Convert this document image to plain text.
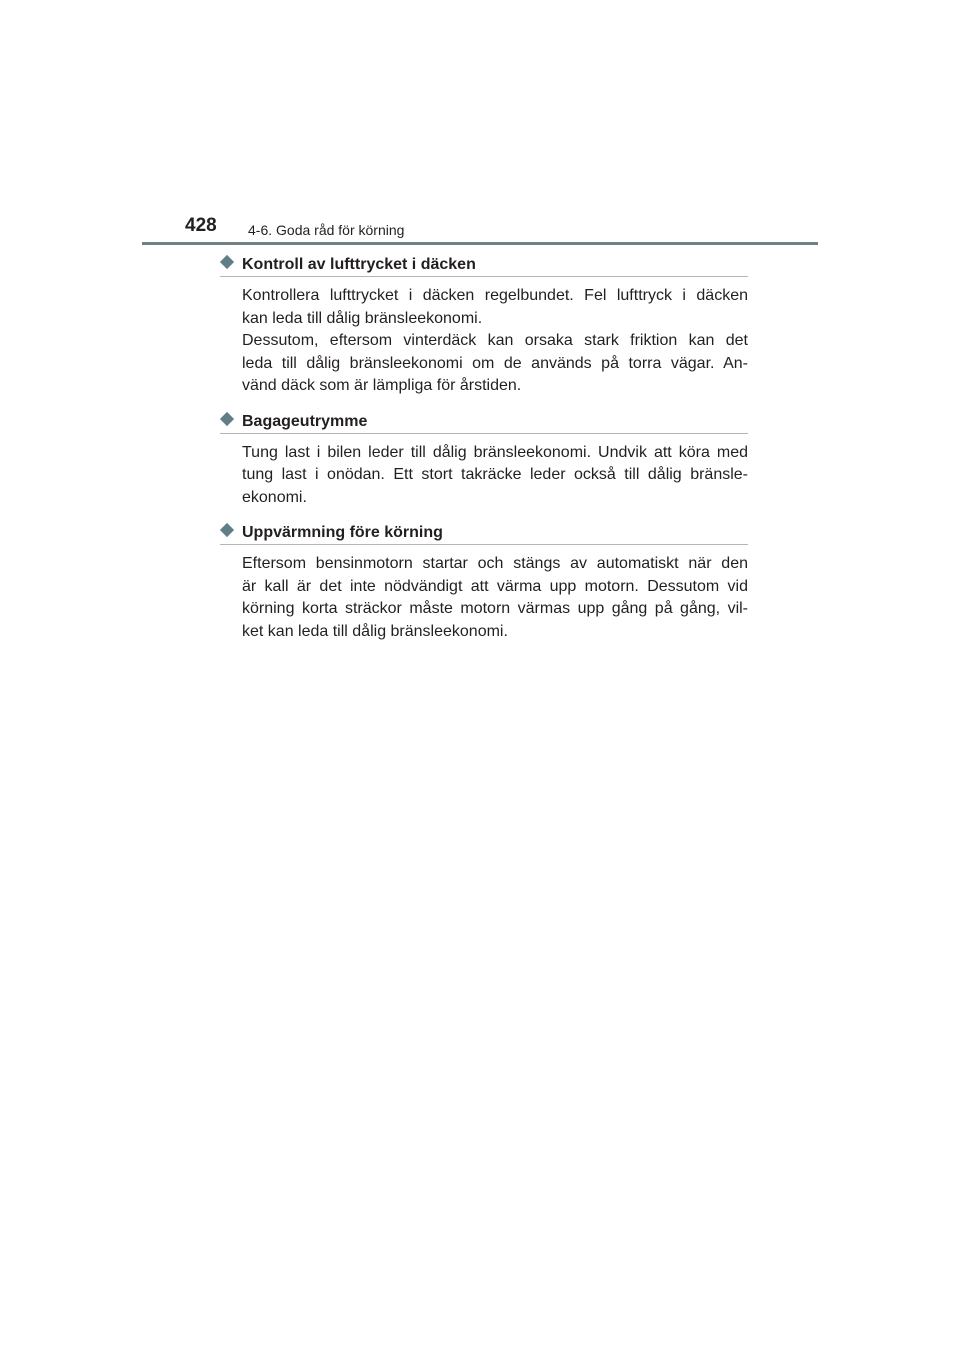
428 4-6. Goda råd för körning
Kontroll av lufttrycket i däcken

Kontrollera lufttrycket i däcken regelbundet. Fel lufttryck i däcken
kan leda till dålig bränsleekonomi.
Dessutom, eftersom vinterdäck kan orsaka stark friktion kan det
leda till dålig bränsleekonomi om de används på torra vägar. An-
vänd däck som är lämpliga för årstiden.

Bagageutrymme

Tung last i bilen leder till dålig bränsleekonomi. Undvik att köra med
tung last i onödan. Ett stort takräcke leder också till dålig bränsle-
ekonomi.

Uppvärmning före körning

Eftersom bensinmotorn startar och stängs av automatiskt när den
är kall är det inte nödvändigt att värma upp motorn. Dessutom vid
körning korta sträckor måste motorn värmas upp gång på gång, vil-
ket kan leda till dålig bränsleekonomi.
